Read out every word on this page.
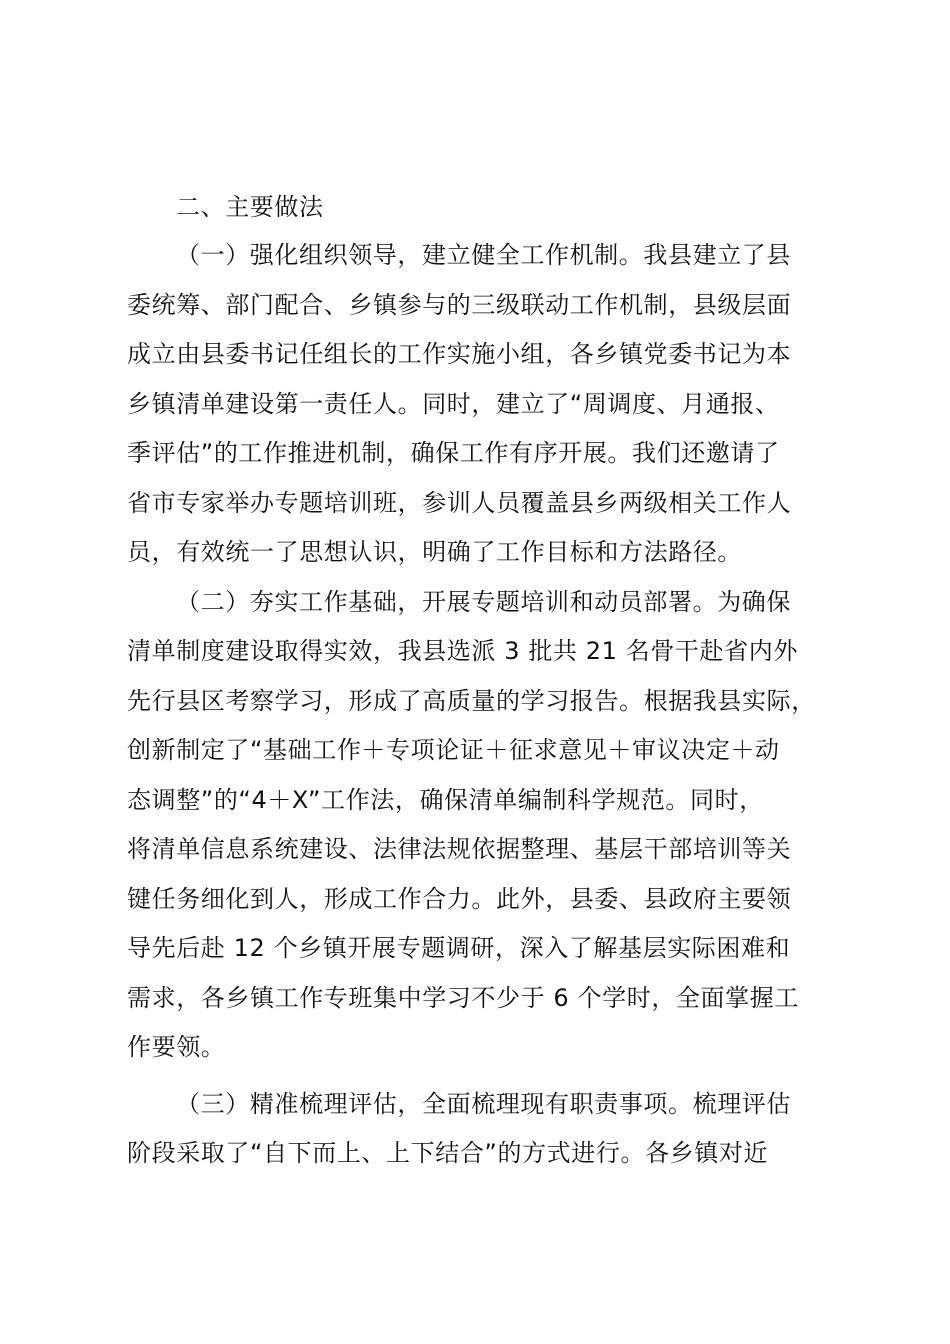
二、主要做法
（一）强化组织领导，建立健全工作机制。我县建立了县
委统筹、部门配合、乡镇参与的三级联动工作机制，县级层面
成立由县委书记任组长的工作实施小组，各乡镇党委书记为本
乡镇清单建设第一责任人。同时，建立了“周调度、月通报、
季评估”的工作推进机制，确保工作有序开展。我们还邀请了
省市专家举办专题培训班，参训人员覆盖县乡两级相关工作人
员，有效统一了思想认识，明确了工作目标和方法路径。
（二）夯实工作基础，开展专题培训和动员部署。为确保
清单制度建设取得实效，我县选派 3 批共 21 名骨干赴省内外
先行县区考察学习，形成了高质量的学习报告。根据我县实际，
创新制定了“基础工作＋专项论证＋征求意见＋审议决定＋动
态调整”的“4＋X”工作法，确保清单编制科学规范。同时，
将清单信息系统建设、法律法规依据整理、基层干部培训等关
键任务细化到人，形成工作合力。此外，县委、县政府主要领
导先后赴 12 个乡镇开展专题调研，深入了解基层实际困难和
需求，各乡镇工作专班集中学习不少于 6 个学时，全面掌握工
作要领。
（三）精准梳理评估，全面梳理现有职责事项。梳理评估
阶段采取了“自下而上、上下结合”的方式进行。各乡镇对近
